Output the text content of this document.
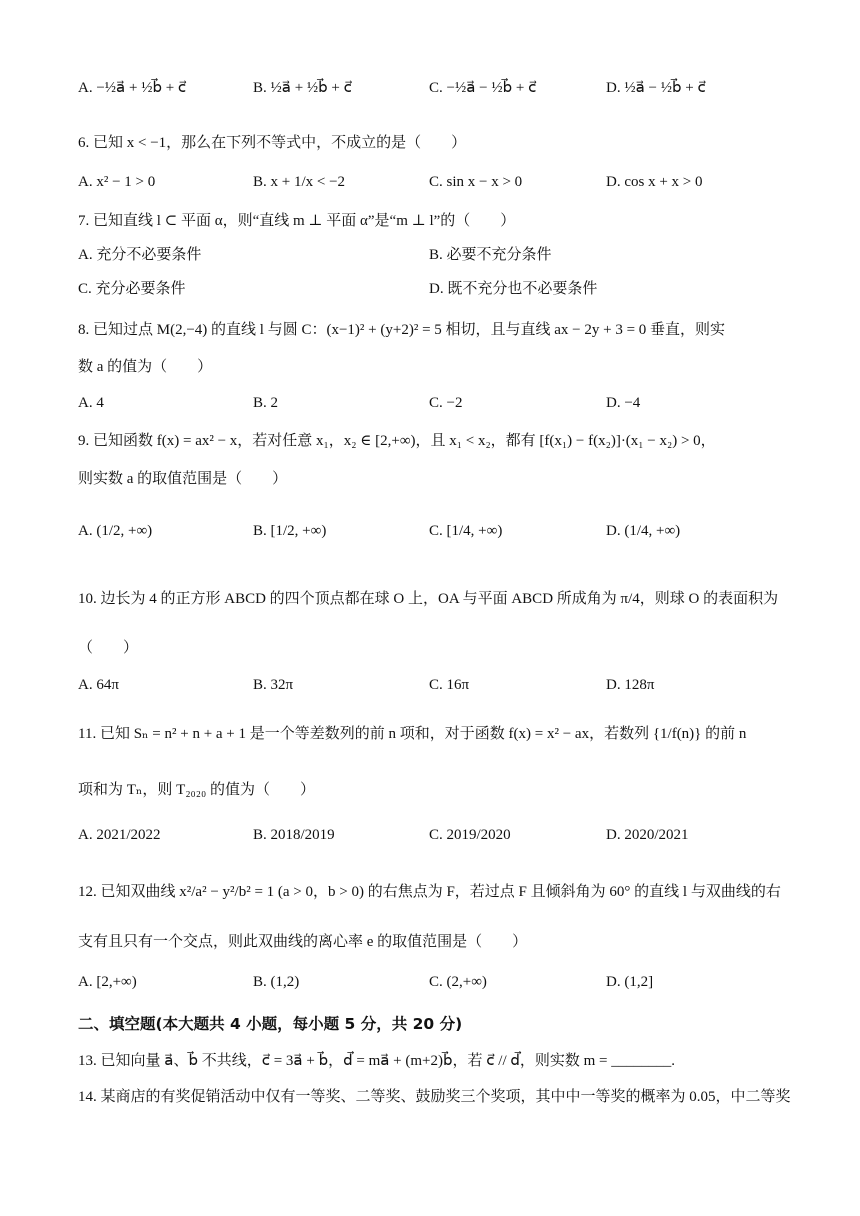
A. −½a⃗ + ½b⃗ + c⃗	B. ½a⃗ + ½b⃗ + c⃗	C. −½a⃗ − ½b⃗ + c⃗	D. ½a⃗ − ½b⃗ + c⃗
6. 已知 x < −1，那么在下列不等式中，不成立的是（　　）
A. x² − 1 > 0	B. x + 1/x < −2	C. sin x − x > 0	D. cos x + x > 0
7. 已知直线 l ⊂ 平面 α，则“直线 m ⊥ 平面 α”是“m ⊥ l”的（　　）
A. 充分不必要条件	B. 必要不充分条件
C. 充分必要条件	D. 既不充分也不必要条件
8. 已知过点 M(2,−4) 的直线 l 与圆 C：(x−1)² + (y+2)² = 5 相切，且与直线 ax − 2y + 3 = 0 垂直，则实
数 a 的值为（　　）
A. 4	B. 2	C. −2	D. −4
9. 已知函数 f(x) = ax² − x，若对任意 x₁，x₂ ∈ [2,+∞)，且 x₁ < x₂，都有 [f(x₁) − f(x₂)]·(x₁ − x₂) > 0，
则实数 a 的取值范围是（　　）
A. (1/2, +∞)	B. [1/2, +∞)	C. [1/4, +∞)	D. (1/4, +∞)
10. 边长为 4 的正方形 ABCD 的四个顶点都在球 O 上，OA 与平面 ABCD 所成角为 π/4，则球 O 的表面积为
（　　）
A. 64π	B. 32π	C. 16π	D. 128π
11. 已知 Sₙ = n² + n + a + 1 是一个等差数列的前 n 项和，对于函数 f(x) = x² − ax，若数列 {1/f(n)} 的前 n
项和为 Tₙ，则 T₂₀₂₀ 的值为（　　）
A. 2021/2022	B. 2018/2019	C. 2019/2020	D. 2020/2021
12. 已知双曲线 x²/a² − y²/b² = 1 (a > 0，b > 0) 的右焦点为 F，若过点 F 且倾斜角为 60° 的直线 l 与双曲线的右
支有且只有一个交点，则此双曲线的离心率 e 的取值范围是（　　）
A. [2,+∞)	B. (1,2)	C. (2,+∞)	D. (1,2]
二、填空题(本大题共 4 小题，每小题 5 分，共 20 分)
13. 已知向量 a⃗、b⃗ 不共线，c⃗ = 3a⃗ + b⃗，d⃗ = ma⃗ + (m+2)b⃗，若 c⃗ // d⃗，则实数 m = ________.
14. 某商店的有奖促销活动中仅有一等奖、二等奖、鼓励奖三个奖项，其中中一等奖的概率为 0.05，中二等奖
